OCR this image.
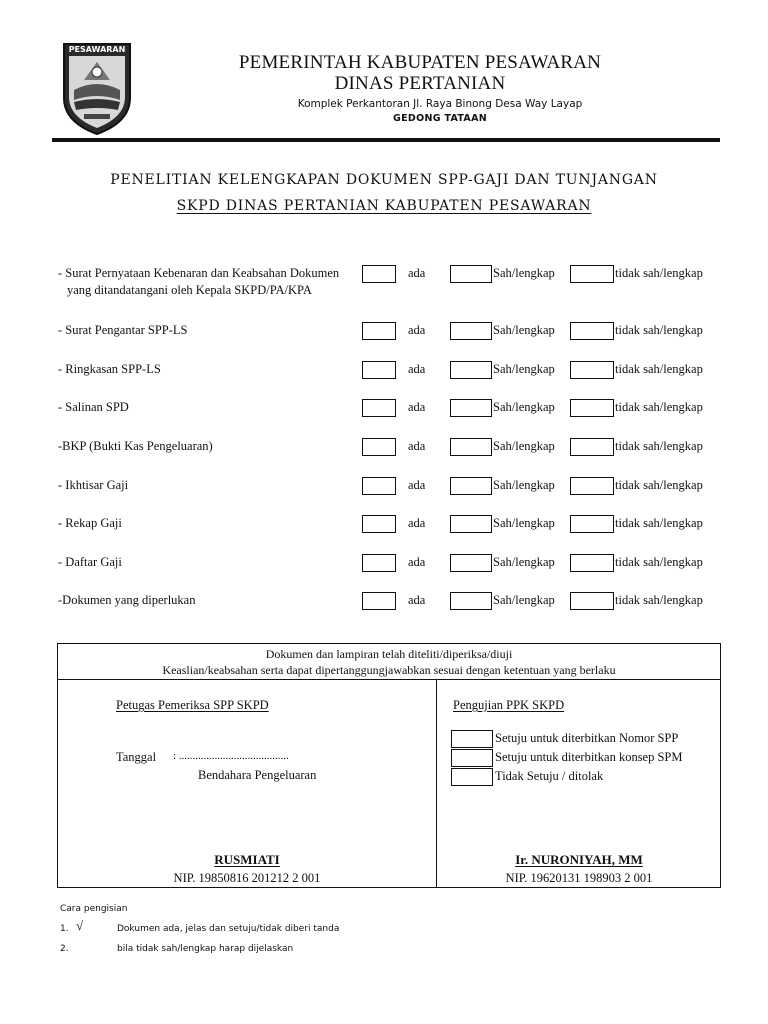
PESAWARAN
PEMERINTAH KABUPATEN PESAWARAN
DINAS PERTANIAN
Komplek Perkantoran Jl. Raya Binong Desa Way Layap
GEDONG TATAAN
PENELITIAN KELENGKAPAN DOKUMEN SPP-GAJI DAN TUNJANGAN
SKPD DINAS PERTANIAN KABUPATEN PESAWARAN
- Surat Pernyataan Kebenaran dan Keabsahan Dokumen
yang ditandatangani oleh Kepala SKPD/PA/KPA
ada	Sah/lengkap	tidak sah/lengkap
- Surat Pengantar SPP-LS	ada	Sah/lengkap	tidak sah/lengkap
- Ringkasan SPP-LS	ada	Sah/lengkap	tidak sah/lengkap
- Salinan SPD	ada	Sah/lengkap	tidak sah/lengkap
-BKP (Bukti Kas Pengeluaran)	ada	Sah/lengkap	tidak sah/lengkap
- Ikhtisar Gaji	ada	Sah/lengkap	tidak sah/lengkap
- Rekap Gaji	ada	Sah/lengkap	tidak sah/lengkap
- Daftar Gaji	ada	Sah/lengkap	tidak sah/lengkap
-Dokumen yang diperlukan	ada	Sah/lengkap	tidak sah/lengkap
Dokumen dan lampiran telah diteliti/diperiksa/diuji
Keaslian/keabsahan serta dapat dipertanggungjawabkan sesuai dengan ketentuan yang berlaku
Petugas Pemeriksa SPP SKPD
Tanggal : ........................................
Bendahara Pengeluaran
RUSMIATI
NIP. 19850816 201212 2 001
Pengujian PPK SKPD
Setuju untuk diterbitkan Nomor SPP
Setuju untuk diterbitkan konsep SPM
Tidak Setuju / ditolak
Ir. NURONIYAH, MM
NIP. 19620131 198903 2 001
Cara pengisian
1. √	Dokumen ada, jelas dan setuju/tidak diberi tanda
2.	bila tidak sah/lengkap harap dijelaskan
